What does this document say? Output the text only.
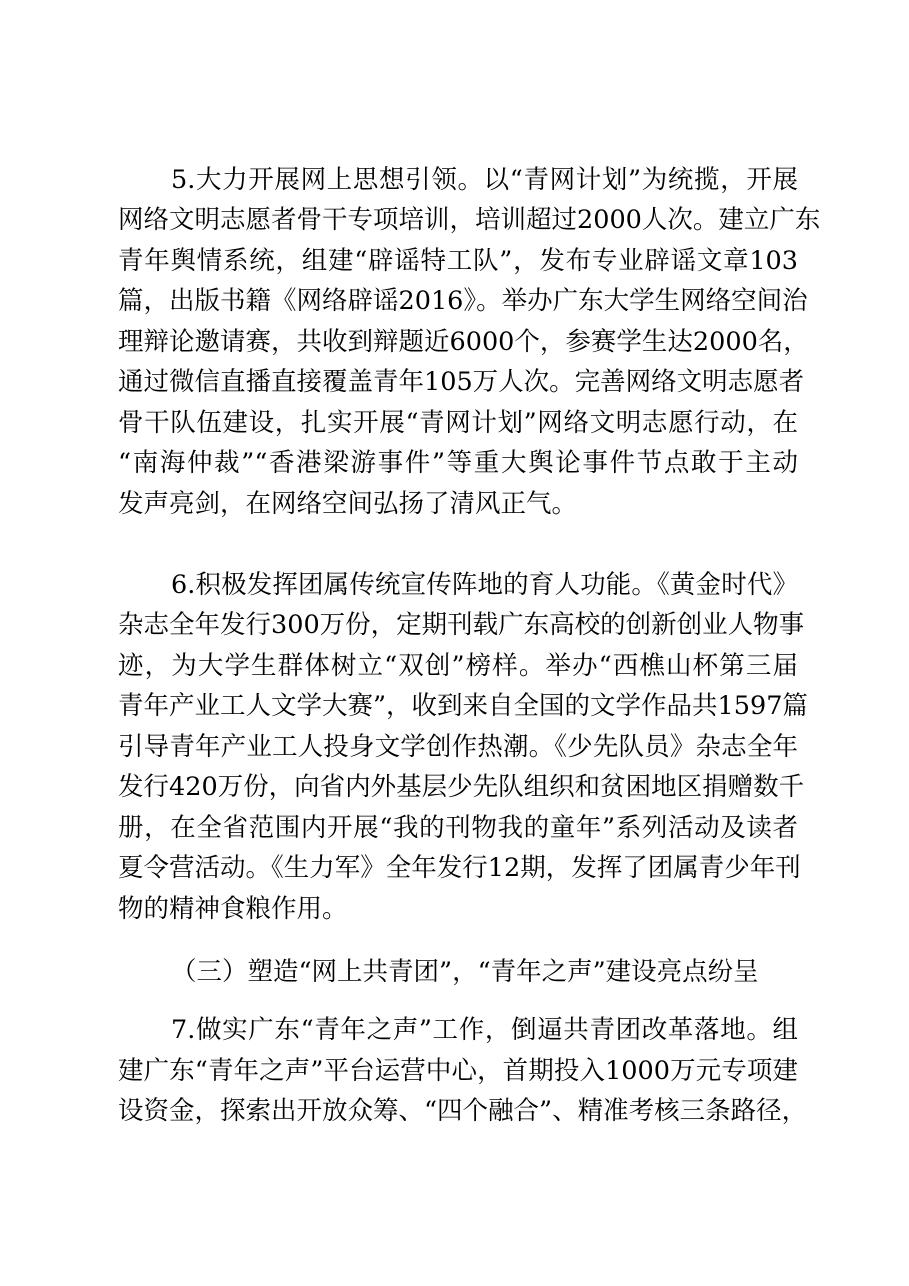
5.大力开展网上思想引领。以“青网计划”为统揽，开展
网络文明志愿者骨干专项培训，培训超过2000人次。建立广东
青年舆情系统，组建“辟谣特工队”，发布专业辟谣文章103
篇，出版书籍《网络辟谣2016》。举办广东大学生网络空间治
理辩论邀请赛，共收到辩题近6000个，参赛学生达2000名，
通过微信直播直接覆盖青年105万人次。完善网络文明志愿者
骨干队伍建设，扎实开展“青网计划”网络文明志愿行动，在
“南海仲裁”“香港梁游事件”等重大舆论事件节点敢于主动
发声亮剑，在网络空间弘扬了清风正气。
6.积极发挥团属传统宣传阵地的育人功能。《黄金时代》
杂志全年发行300万份，定期刊载广东高校的创新创业人物事
迹，为大学生群体树立“双创”榜样。举办“西樵山杯第三届
青年产业工人文学大赛”，收到来自全国的文学作品共1597篇
引导青年产业工人投身文学创作热潮。《少先队员》杂志全年
发行420万份，向省内外基层少先队组织和贫困地区捐赠数千
册，在全省范围内开展“我的刊物我的童年”系列活动及读者
夏令营活动。《生力军》全年发行12期，发挥了团属青少年刊
物的精神食粮作用。
（三）塑造“网上共青团”，“青年之声”建设亮点纷呈
7.做实广东“青年之声”工作，倒逼共青团改革落地。组
建广东“青年之声”平台运营中心，首期投入1000万元专项建
设资金，探索出开放众筹、“四个融合”、精准考核三条路径，
